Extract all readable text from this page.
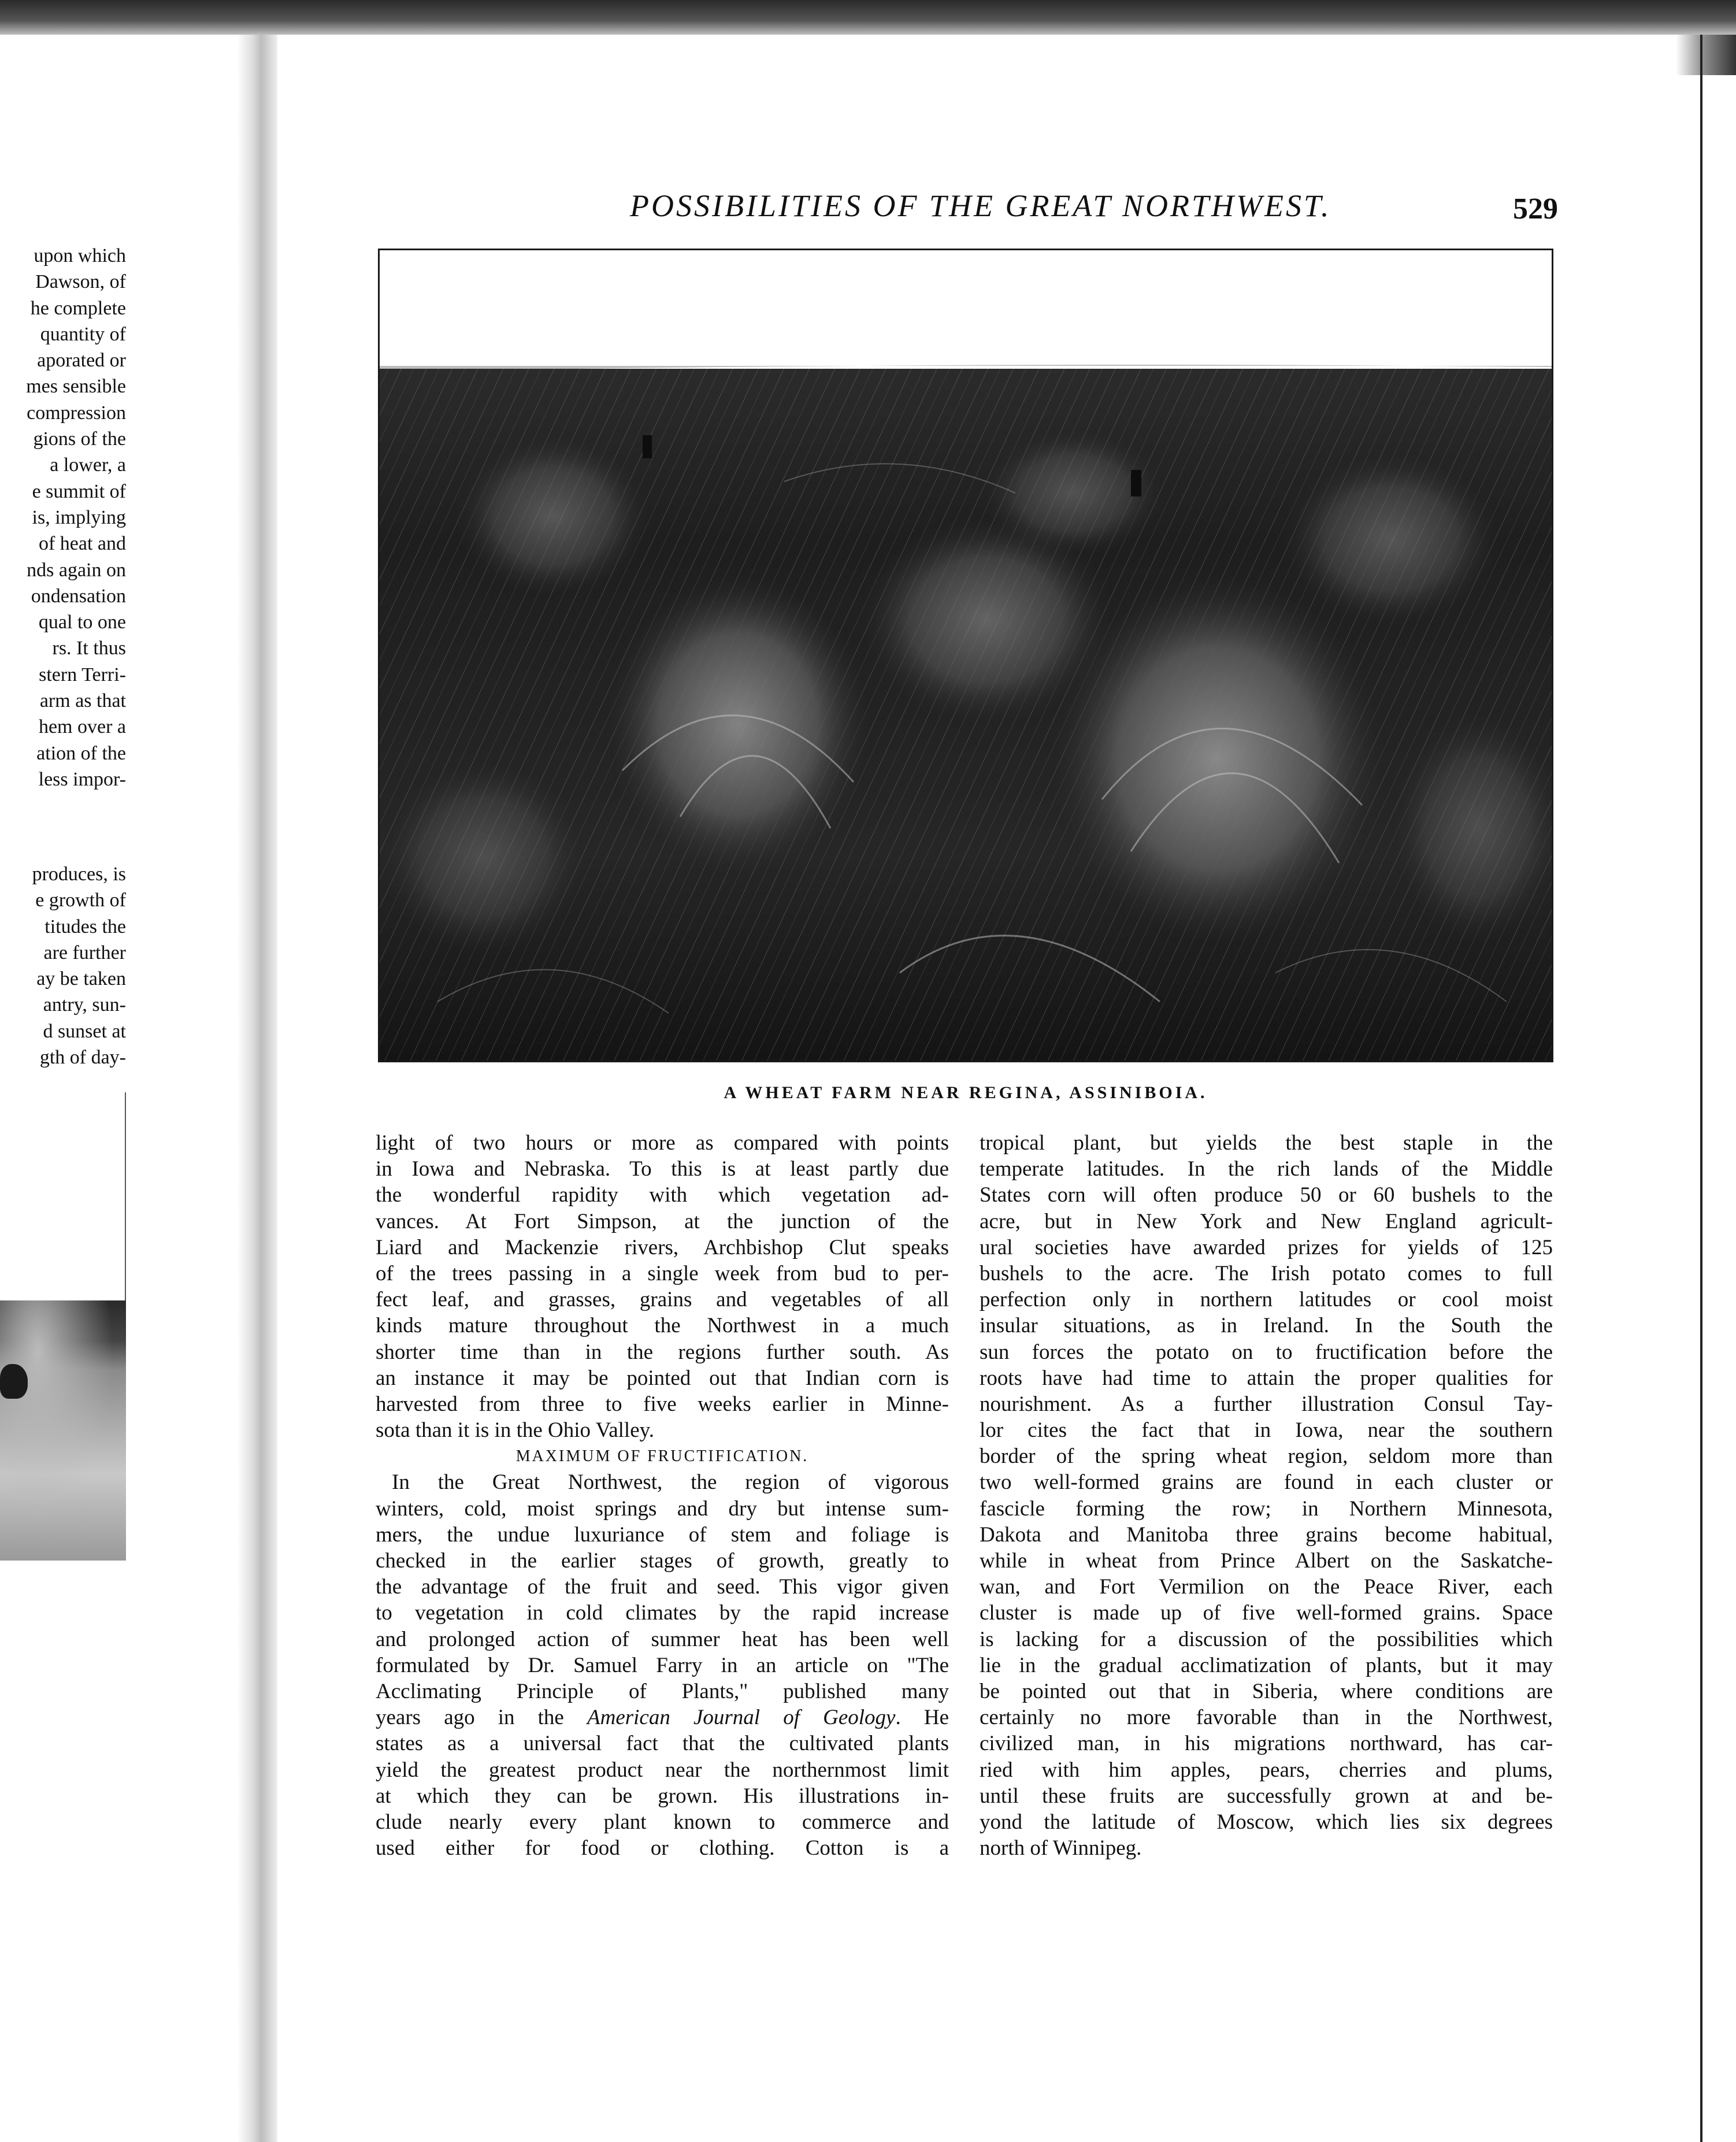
upon which
Dawson, of
he complete
quantity of
aporated or
mes sensible
compression
gions of the
a lower, a
e summit of
is, implying
of heat and
nds again on
ondensation
qual to one
rs. It thus
stern Terri-
arm as that
hem over a
ation of the
less impor-
produces, is
e growth of
titudes the
are further
ay be taken
antry, sun-
d sunset at
gth of day-
POSSIBILITIES OF THE GREAT NORTHWEST.	529
A WHEAT FARM NEAR REGINA, ASSINIBOIA.
light of two hours or more as compared with points
in Iowa and Nebraska. To this is at least partly due
the wonderful rapidity with which vegetation ad-
vances. At Fort Simpson, at the junction of the
Liard and Mackenzie rivers, Archbishop Clut speaks
of the trees passing in a single week from bud to per-
fect leaf, and grasses, grains and vegetables of all
kinds mature throughout the Northwest in a much
shorter time than in the regions further south. As
an instance it may be pointed out that Indian corn is
harvested from three to five weeks earlier in Minne-
sota than it is in the Ohio Valley.
MAXIMUM OF FRUCTIFICATION.
In the Great Northwest, the region of vigorous
winters, cold, moist springs and dry but intense sum-
mers, the undue luxuriance of stem and foliage is
checked in the earlier stages of growth, greatly to
the advantage of the fruit and seed. This vigor given
to vegetation in cold climates by the rapid increase
and prolonged action of summer heat has been well
formulated by Dr. Samuel Farry in an article on "The
Acclimating Principle of Plants," published many
years ago in the American Journal of Geology. He
states as a universal fact that the cultivated plants
yield the greatest product near the northernmost limit
at which they can be grown. His illustrations in-
clude nearly every plant known to commerce and
used either for food or clothing. Cotton is a
tropical plant, but yields the best staple in the
temperate latitudes. In the rich lands of the Middle
States corn will often produce 50 or 60 bushels to the
acre, but in New York and New England agricult-
ural societies have awarded prizes for yields of 125
bushels to the acre. The Irish potato comes to full
perfection only in northern latitudes or cool moist
insular situations, as in Ireland. In the South the
sun forces the potato on to fructification before the
roots have had time to attain the proper qualities for
nourishment. As a further illustration Consul Tay-
lor cites the fact that in Iowa, near the southern
border of the spring wheat region, seldom more than
two well-formed grains are found in each cluster or
fascicle forming the row; in Northern Minnesota,
Dakota and Manitoba three grains become habitual,
while in wheat from Prince Albert on the Saskatche-
wan, and Fort Vermilion on the Peace River, each
cluster is made up of five well-formed grains. Space
is lacking for a discussion of the possibilities which
lie in the gradual acclimatization of plants, but it may
be pointed out that in Siberia, where conditions are
certainly no more favorable than in the Northwest,
civilized man, in his migrations northward, has car-
ried with him apples, pears, cherries and plums,
until these fruits are successfully grown at and be-
yond the latitude of Moscow, which lies six degrees
north of Winnipeg.
